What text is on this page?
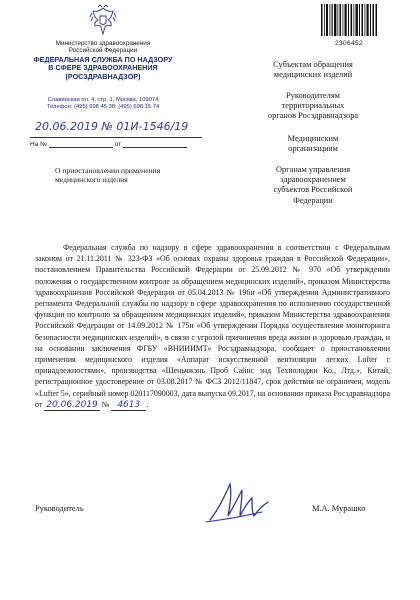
Министерство здравоохранения
Российской Федерации
ФЕДЕРАЛЬНАЯ СЛУЖБА ПО НАДЗОРУ
В СФЕРЕ ЗДРАВООХРАНЕНИЯ
(РОСЗДРАВНАДЗОР)
Славянская пл. 4, стр. 1, Москва, 109074
Телефон: (495) 698 45 38; (495) 698 15 74
20.06.2019 № 01И-1546/19
На №	от
О приостановлении применения
медицинского изделия
2306452
Субъектам обращения
медицинских изделий
Руководителям
территориальных
органов Росздравнадзора
Медицинским
организациям
Органам управления
здравоохранением
субъектов Российской
Федерации

Федеральная служба по надзору в сфере здравоохранения в соответствии с Федеральным законом от 21.11.2011 № 323-ФЗ «Об основах охраны здоровья граждан в Российской Федерации», постановлением Правительства Российской Федерации от 25.09.2012 № 970 «Об утверждении положения о государственном контроле за обращением медицинских изделий», приказом Министерства здравоохранения Российской Федерации от 05.04.2013 № 196н «Об утверждении Административного регламента Федеральной службы по надзору в сфере здравоохранения по исполнению государственной функции по контролю за обращением медицинских изделий», приказом Министерства здравоохранения Российской Федерации от 14.09.2012 № 175н «Об утверждении Порядка осуществления мониторинга безопасности медицинских изделий», в связи с угрозой причинения вреда жизни и здоровью граждан, и на основании заключения ФГБУ «ВНИИИМТ» Росздравнадзора, сообщает о приостановлении применения медицинского изделия «Аппарат искусственной вентиляции легких Lufter с принадлежностями», производства «Шеньчжэнь Проб Сайнс энд Технолоджи Ко., Лтд.», Китай, регистрационное удостоверение от 03.08.2017 № ФСЗ 2012/11847, срок действия не ограничен, модель «Lufter 5», серийный номер 020117090003, дата выпуска 09.2017, на основании приказа Росздравнадзора от 20.06.2019 № 4613 .

Руководитель	М.А. Мурашко
